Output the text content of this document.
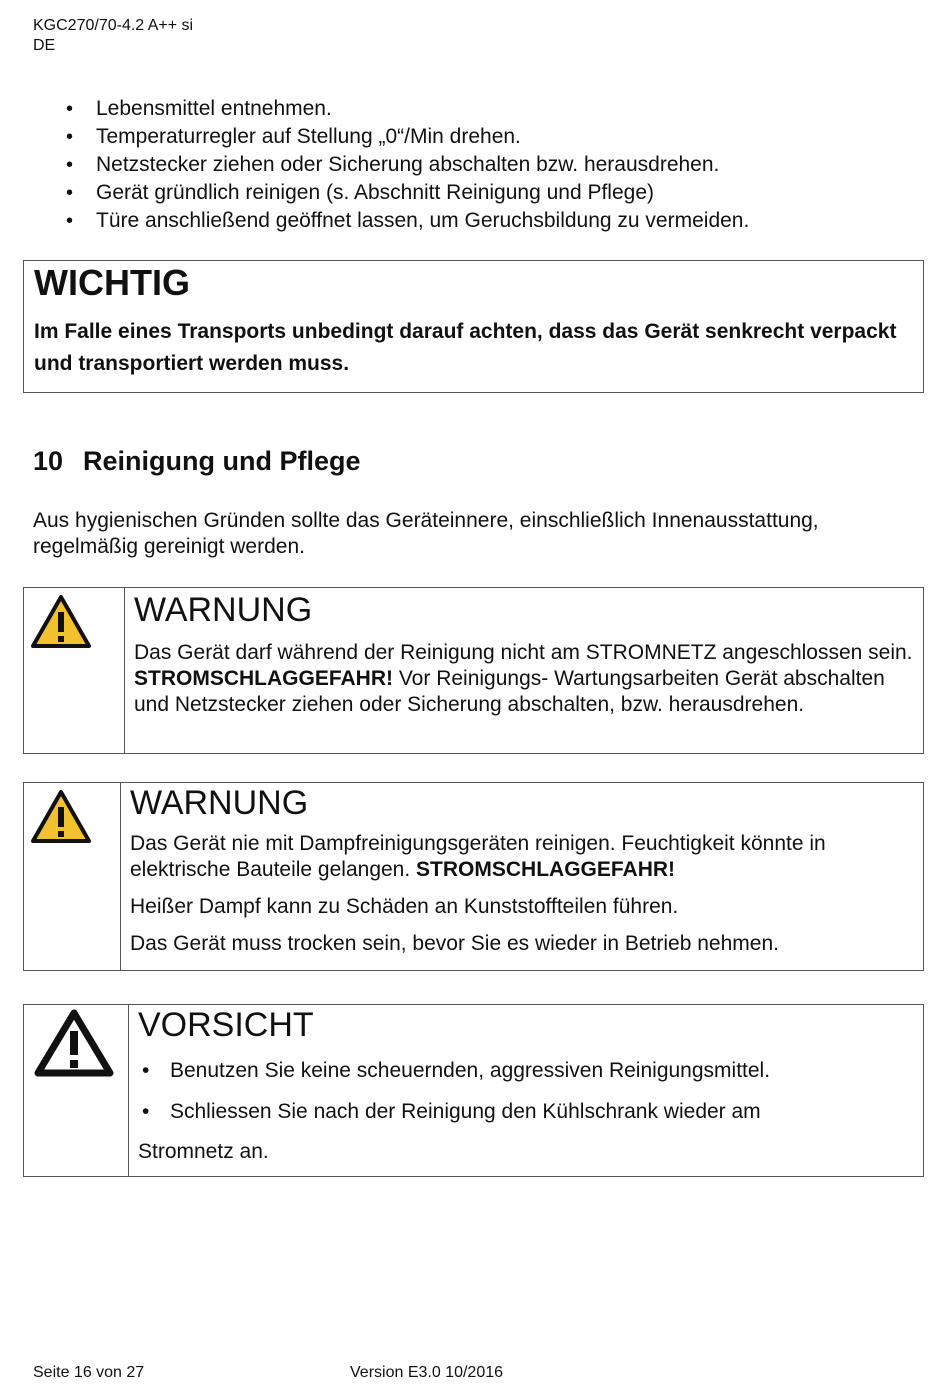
KGC270/70-4.2 A++ si
DE
• Lebensmittel entnehmen.
• Temperaturregler auf Stellung „0“/Min drehen.
• Netzstecker ziehen oder Sicherung abschalten bzw. herausdrehen.
• Gerät gründlich reinigen (s. Abschnitt Reinigung und Pflege)
• Türe anschließend geöffnet lassen, um Geruchsbildung zu vermeiden.
WICHTIG
Im Falle eines Transports unbedingt darauf achten, dass das Gerät senkrecht verpackt und transportiert werden muss.
10 Reinigung und Pflege
Aus hygienischen Gründen sollte das Geräteinnere, einschließlich Innenausstattung, regelmäßig gereinigt werden.
WARNUNG
Das Gerät darf während der Reinigung nicht am STROMNETZ angeschlossen sein. STROMSCHLAGGEFAHR! Vor Reinigungs- Wartungsarbeiten Gerät abschalten und Netzstecker ziehen oder Sicherung abschalten, bzw. herausdrehen.
WARNUNG
Das Gerät nie mit Dampfreinigungsgeräten reinigen. Feuchtigkeit könnte in elektrische Bauteile gelangen. STROMSCHLAGGEFAHR!
Heißer Dampf kann zu Schäden an Kunststoffteilen führen.
Das Gerät muss trocken sein, bevor Sie es wieder in Betrieb nehmen.
VORSICHT
• Benutzen Sie keine scheuernden, aggressiven Reinigungsmittel.
• Schliessen Sie nach der Reinigung den Kühlschrank wieder am
Stromnetz an.
Seite 16 von 27	Version E3.0 10/2016
